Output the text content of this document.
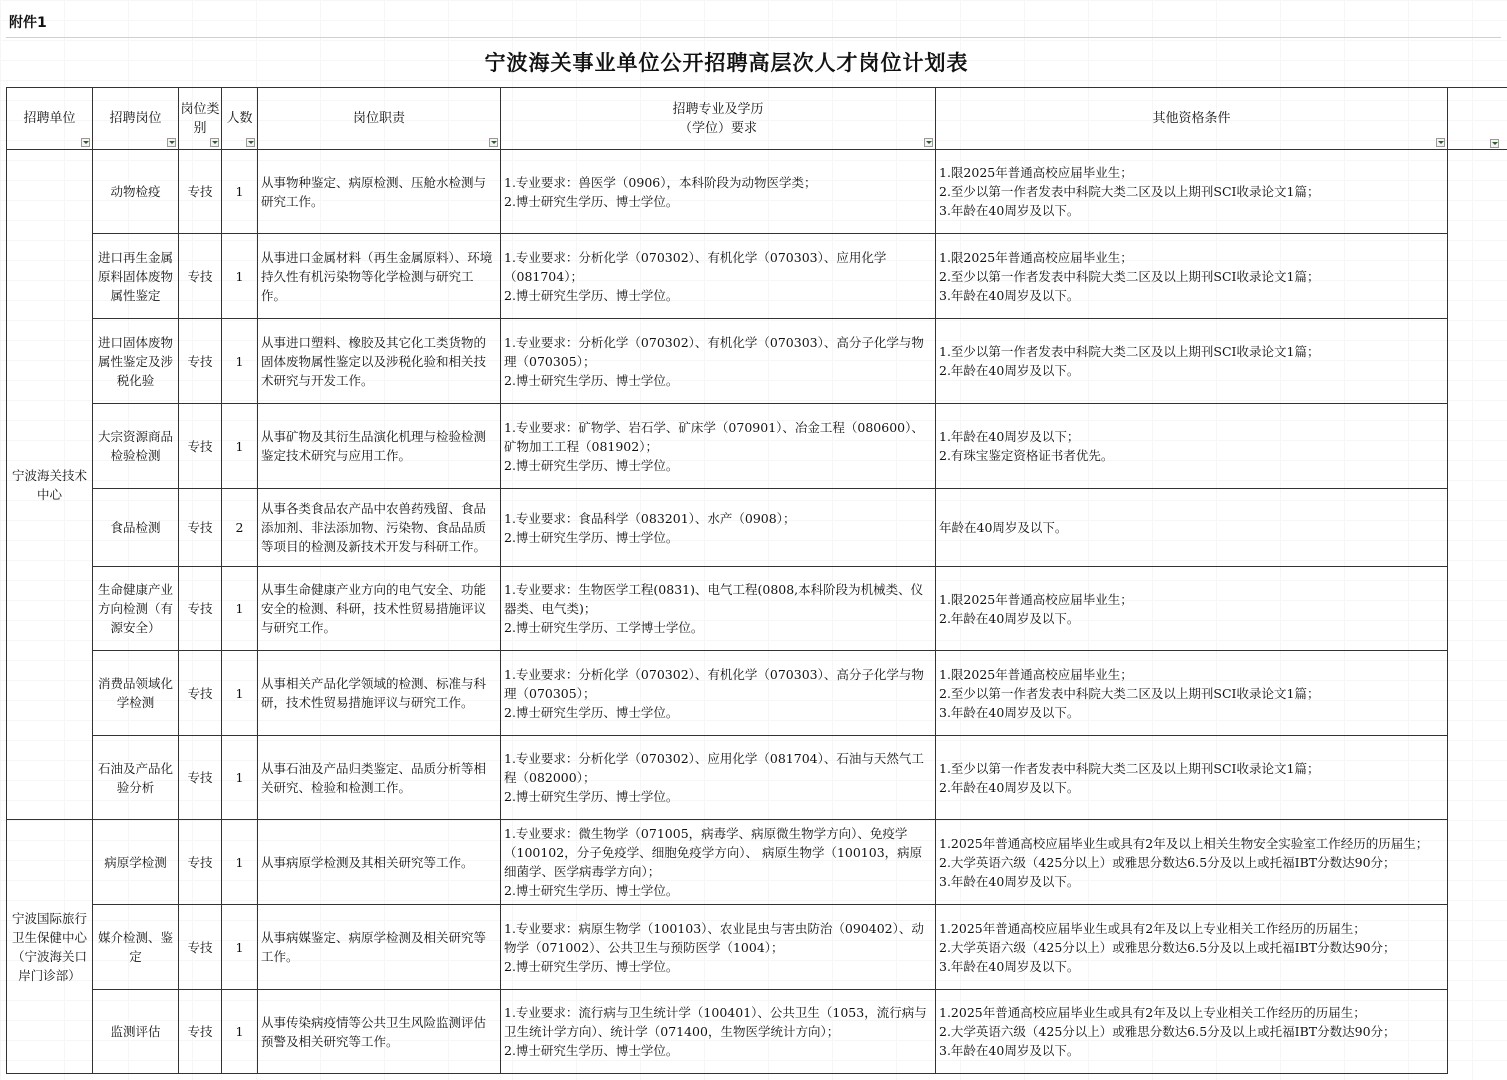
附件1
宁波海关事业单位公开招聘高层次人才岗位计划表
招聘单位	招聘岗位	岗位类别	人数	岗位职责	招聘专业及学历
（学位）要求	其他资格条件

宁波海关技术中心	动物检疫	专技	1	从事物种鉴定、病原检测、压舱水检测与研究工作。	1.专业要求：兽医学（0906），本科阶段为动物医学类；
2.博士研究生学历、博士学位。	1.限2025年普通高校应届毕业生；
2.至少以第一作者发表中科院大类二区及以上期刊SCI收录论文1篇；
3.年龄在40周岁及以下。

	进口再生金属原料固体废物属性鉴定	专技	1	从事进口金属材料（再生金属原料）、环境持久性有机污染物等化学检测与研究工作。	1.专业要求：分析化学（070302）、有机化学（070303）、应用化学（081704）；
2.博士研究生学历、博士学位。	1.限2025年普通高校应届毕业生；
2.至少以第一作者发表中科院大类二区及以上期刊SCI收录论文1篇；
3.年龄在40周岁及以下。

	进口固体废物属性鉴定及涉税化验	专技	1	从事进口塑料、橡胶及其它化工类货物的固体废物属性鉴定以及涉税化验和相关技术研究与开发工作。	1.专业要求：分析化学（070302）、有机化学（070303）、高分子化学与物理（070305）；
2.博士研究生学历、博士学位。	1.至少以第一作者发表中科院大类二区及以上期刊SCI收录论文1篇；
2.年龄在40周岁及以下。

	大宗资源商品检验检测	专技	1	从事矿物及其衍生品演化机理与检验检测鉴定技术研究与应用工作。	1.专业要求：矿物学、岩石学、矿床学（070901）、冶金工程（080600）、矿物加工工程（081902）；
2.博士研究生学历、博士学位。	1.年龄在40周岁及以下；
2.有珠宝鉴定资格证书者优先。

	食品检测	专技	2	从事各类食品农产品中农兽药残留、食品添加剂、非法添加物、污染物、食品品质等项目的检测及新技术开发与科研工作。	1.专业要求：食品科学（083201）、水产（0908）；
2.博士研究生学历、博士学位。	年龄在40周岁及以下。

	生命健康产业方向检测（有源安全）	专技	1	从事生命健康产业方向的电气安全、功能安全的检测、科研，技术性贸易措施评议与研究工作。	1.专业要求：生物医学工程(0831)、电气工程(0808,本科阶段为机械类、仪器类、电气类)；
2.博士研究生学历、工学博士学位。	1.限2025年普通高校应届毕业生；
2.年龄在40周岁及以下。

	消费品领域化学检测	专技	1	从事相关产品化学领域的检测、标准与科研，技术性贸易措施评议与研究工作。	1.专业要求：分析化学（070302）、有机化学（070303）、高分子化学与物理（070305）；
2.博士研究生学历、博士学位。	1.限2025年普通高校应届毕业生；
2.至少以第一作者发表中科院大类二区及以上期刊SCI收录论文1篇；
3.年龄在40周岁及以下。

	石油及产品化验分析	专技	1	从事石油及产品归类鉴定、品质分析等相关研究、检验和检测工作。	1.专业要求：分析化学（070302）、应用化学（081704）、石油与天然气工程（082000）；
2.博士研究生学历、博士学位。	1.至少以第一作者发表中科院大类二区及以上期刊SCI收录论文1篇；
2.年龄在40周岁及以下。

宁波国际旅行卫生保健中心（宁波海关口岸门诊部）	病原学检测	专技	1	从事病原学检测及其相关研究等工作。	1.专业要求：微生物学（071005，病毒学、病原微生物学方向）、免疫学（100102，分子免疫学、细胞免疫学方向）、 病原生物学（100103，病原细菌学、医学病毒学方向）；
2.博士研究生学历、博士学位。	1.2025年普通高校应届毕业生或具有2年及以上相关生物安全实验室工作经历的历届生；
2.大学英语六级（425分以上）或雅思分数达6.5分及以上或托福IBT分数达90分；
3.年龄在40周岁及以下。

	媒介检测、鉴定	专技	1	从事病媒鉴定、病原学检测及相关研究等工作。	1.专业要求：病原生物学（100103）、农业昆虫与害虫防治（090402）、动物学（071002）、公共卫生与预防医学（1004）；
2.博士研究生学历、博士学位。	1.2025年普通高校应届毕业生或具有2年及以上专业相关工作经历的历届生；
2.大学英语六级（425分以上）或雅思分数达6.5分及以上或托福IBT分数达90分；
3.年龄在40周岁及以下。

	监测评估	专技	1	从事传染病疫情等公共卫生风险监测评估预警及相关研究等工作。	1.专业要求：流行病与卫生统计学（100401）、公共卫生（1053，流行病与卫生统计学方向）、统计学（071400，生物医学统计方向）；
2.博士研究生学历、博士学位。	1.2025年普通高校应届毕业生或具有2年及以上专业相关工作经历的历届生；
2.大学英语六级（425分以上）或雅思分数达6.5分及以上或托福IBT分数达90分；
3.年龄在40周岁及以下。
